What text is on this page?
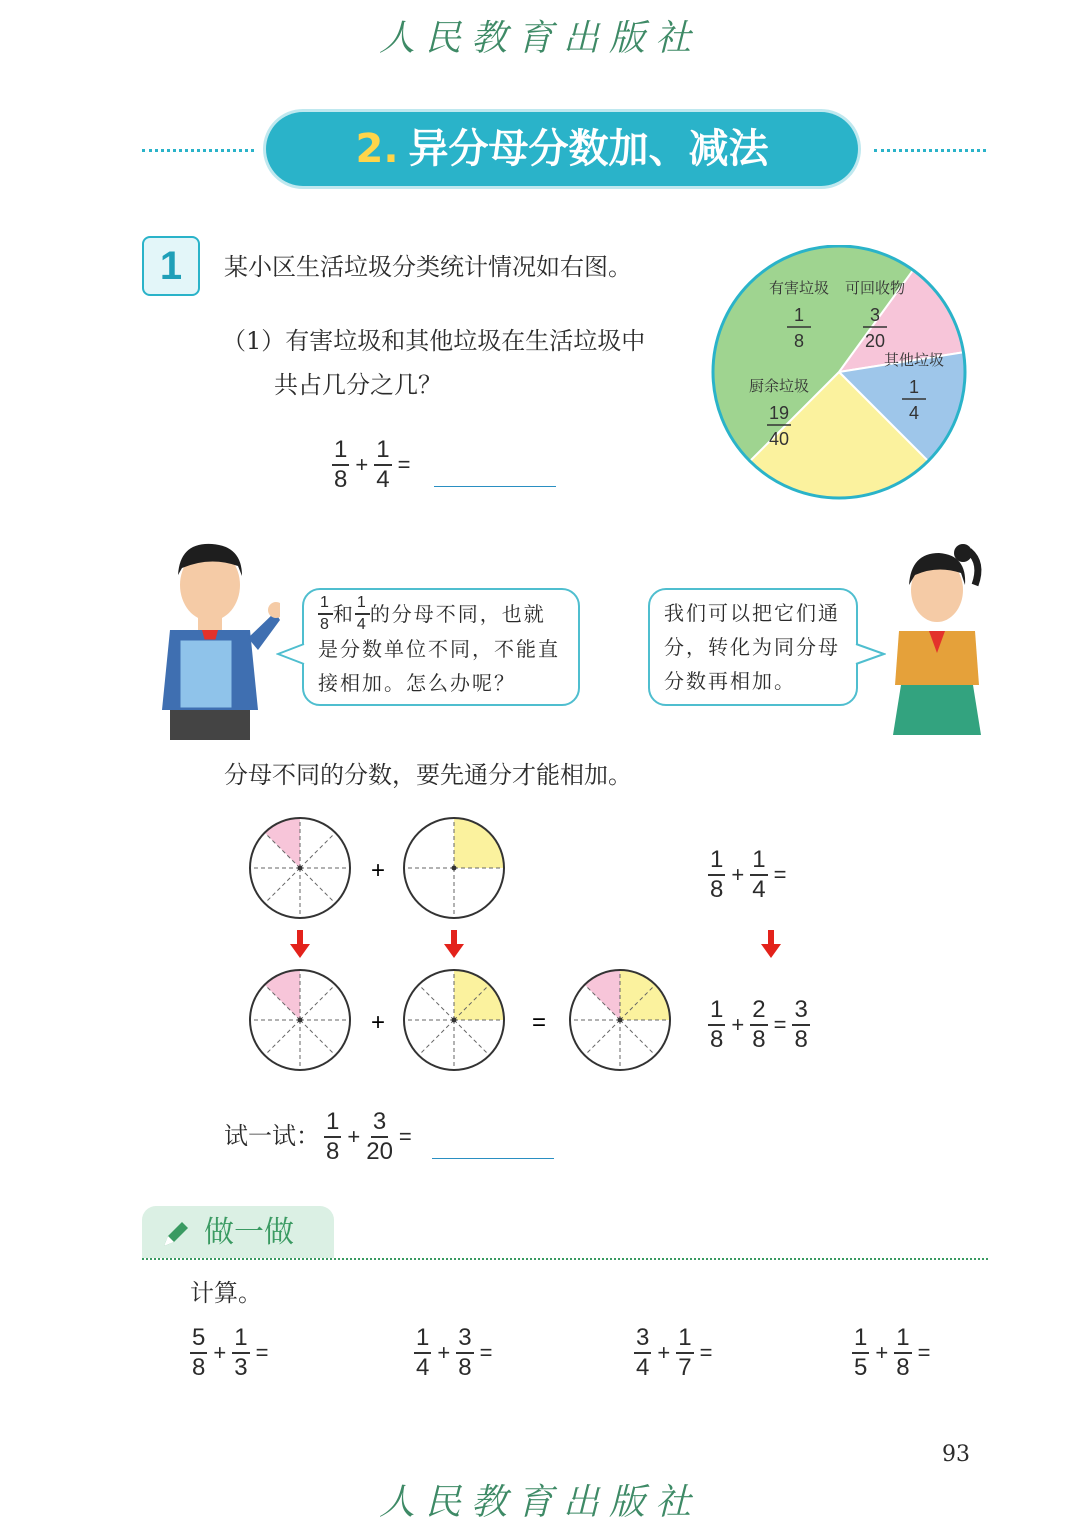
人民教育出版社
2. 异分母分数加、减法
1	某小区生活垃圾分类统计情况如右图。
（1）有害垃圾和其他垃圾在生活垃圾中
共占几分之几？
$\frac{1}{8} + \frac{1}{4}$ =
有害垃圾
1
8
可回收物
3
20
其他垃圾
1
4
厨余垃圾
19
40
$\frac{1}{8}$ 和 $\frac{1}{4}$ 的分母不同，也就
是分数单位不同，不能直
接相加。怎么办呢？
我们可以把它们通
分，转化为同分母
分数再相加。
分母不同的分数，要先通分才能相加。
+
+	=
$\frac{1}{8} + \frac{1}{4}$ =
$\frac{1}{8} + \frac{2}{8} = \frac{3}{8}$
试一试： $\frac{1}{8} + \frac{3}{20}$ =
做一做
计算。
$\frac{5}{8} + \frac{1}{3}$ =	$\frac{1}{4} + \frac{3}{8}$ =	$\frac{3}{4} + \frac{1}{7}$ =	$\frac{1}{5} + \frac{1}{8}$ =
93
人民教育出版社
